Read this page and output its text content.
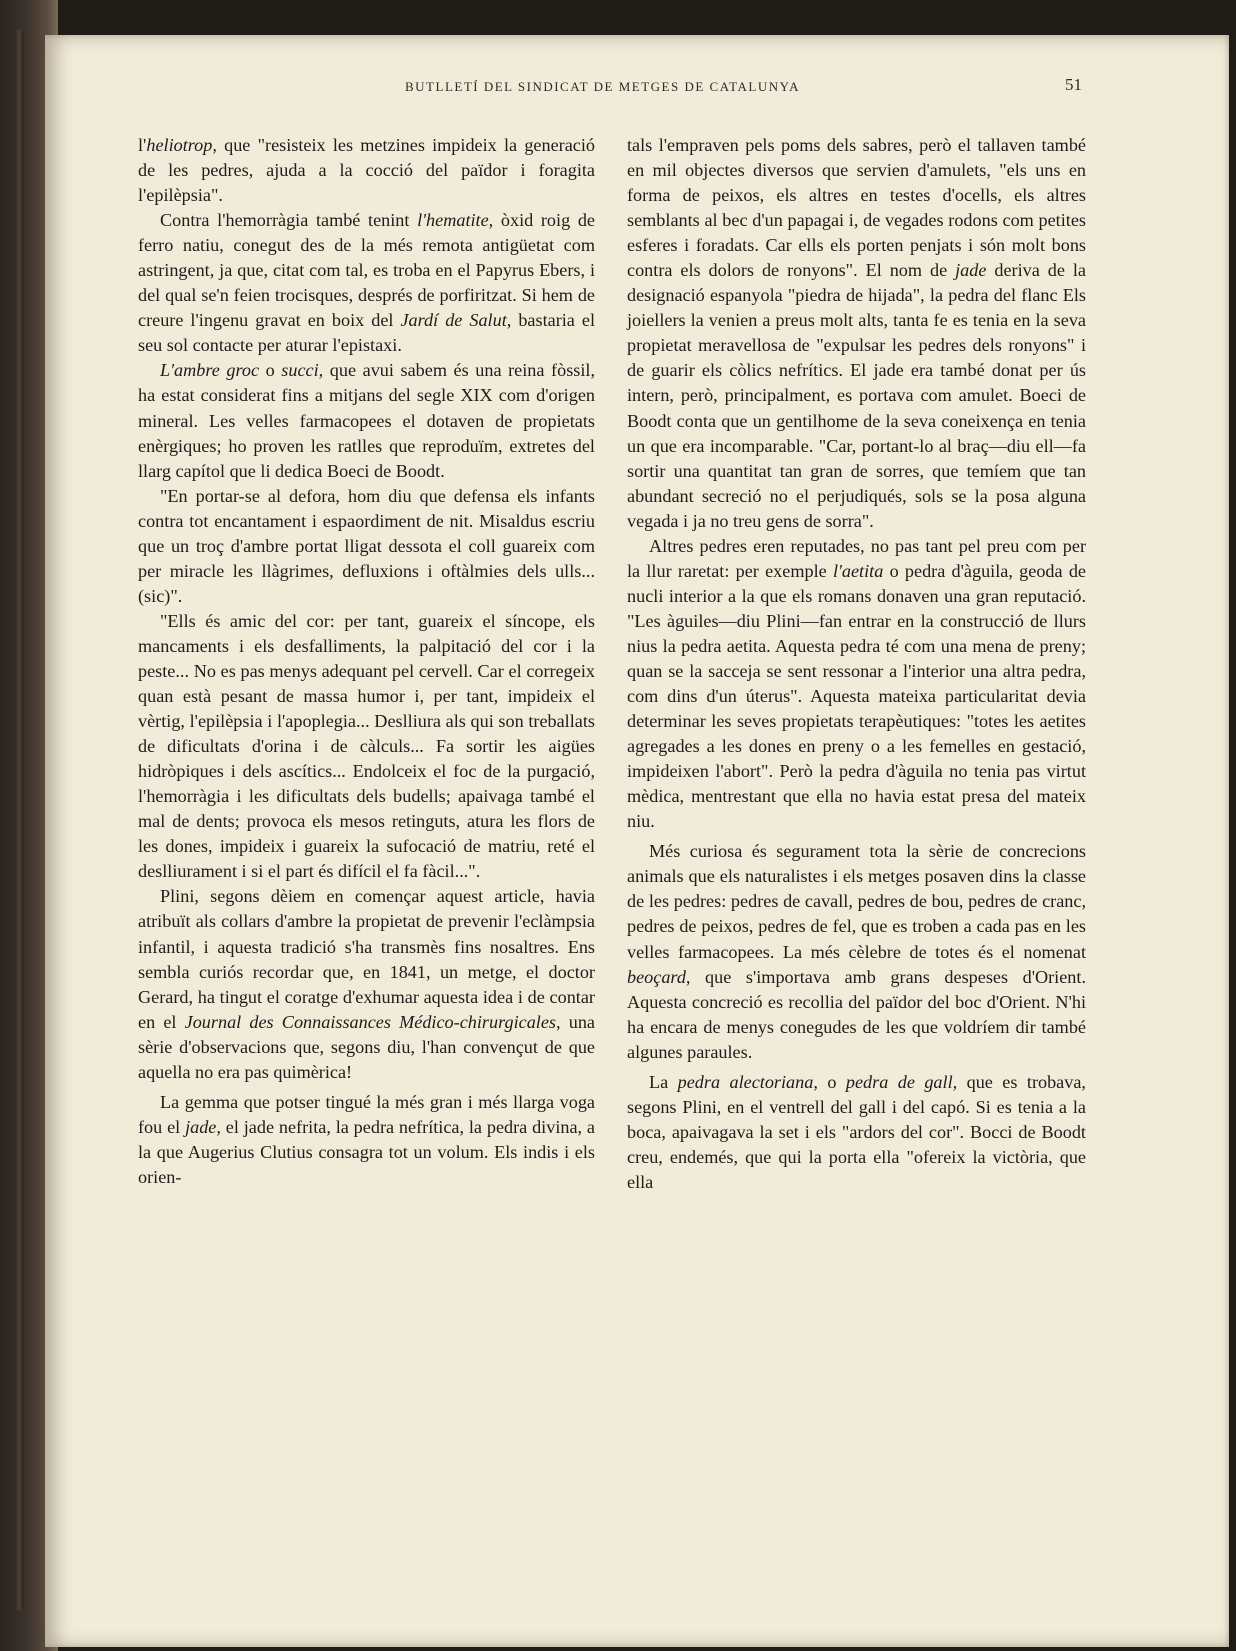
BUTLLETÍ DEL SINDICAT DE METGES DE CATALUNYA	51

l'heliotrop, que "resisteix les metzines impideix la generació de les pedres, ajuda a la cocció del païdor i foragita l'epilèpsia".

Contra l'hemorràgia també tenint l'hematite, òxid roig de ferro natiu, conegut des de la més remota antigüetat com astringent, ja que, citat com tal, es troba en el Papyrus Ebers, i del qual se'n feien trocisques, després de porfiritzat. Si hem de creure l'ingenu gravat en boix del Jardí de Salut, bastaria el seu sol contacte per aturar l'epistaxi.

L'ambre groc o succi, que avui sabem és una reina fòssil, ha estat considerat fins a mitjans del segle XIX com d'origen mineral. Les velles farmacopees el dotaven de propietats enèrgiques; ho proven les ratlles que reproduïm, extretes del llarg capítol que li dedica Boeci de Boodt.

"En portar-se al defora, hom diu que defensa els infants contra tot encantament i espaordiment de nit. Misaldus escriu que un troç d'ambre portat lligat dessota el coll guareix com per miracle les llàgrimes, defluxions i oftàlmies dels ulls... (sic)".

"Ells és amic del cor: per tant, guareix el síncope, els mancaments i els desfalliments, la palpitació del cor i la peste... No es pas menys adequant pel cervell. Car el corregeix quan està pesant de massa humor i, per tant, impideix el vèrtig, l'epilèpsia i l'apoplegia... Deslliura als qui son treballats de dificultats d'orina i de càlculs... Fa sortir les aigües hidròpiques i dels ascítics... Endolceix el foc de la purgació, l'hemorràgia i les dificultats dels budells; apaivaga també el mal de dents; provoca els mesos retinguts, atura les flors de les dones, impideix i guareix la sufocació de matriu, reté el deslliurament i si el part és difícil el fa fàcil...".

Plini, segons dèiem en començar aquest article, havia atribuït als collars d'ambre la propietat de prevenir l'eclàmpsia infantil, i aquesta tradició s'ha transmès fins nosaltres. Ens sembla curiós recordar que, en 1841, un metge, el doctor Gerard, ha tingut el coratge d'exhumar aquesta idea i de contar en el Journal des Connaissances Médico-chirurgicales, una sèrie d'observacions que, segons diu, l'han convençut de que aquella no era pas quimèrica!

La gemma que potser tingué la més gran i més llarga voga fou el jade, el jade nefrita, la pedra nefrítica, la pedra divina, a la que Augerius Clutius consagra tot un volum. Els indis i els orien-

tals l'empraven pels poms dels sabres, però el tallaven també en mil objectes diversos que servien d'amulets, "els uns en forma de peixos, els altres en testes d'ocells, els altres semblants al bec d'un papagai i, de vegades rodons com petites esferes i foradats. Car ells els porten penjats i són molt bons contra els dolors de ronyons". El nom de jade deriva de la designació espanyola "piedra de hijada", la pedra del flanc Els joiellers la venien a preus molt alts, tanta fe es tenia en la seva propietat meravellosa de "expulsar les pedres dels ronyons" i de guarir els còlics nefrítics. El jade era també donat per ús intern, però, principalment, es portava com amulet. Boeci de Boodt conta que un gentilhome de la seva coneixença en tenia un que era incomparable. "Car, portant-lo al braç—diu ell—fa sortir una quantitat tan gran de sorres, que temíem que tan abundant secreció no el perjudiqués, sols se la posa alguna vegada i ja no treu gens de sorra".

Altres pedres eren reputades, no pas tant pel preu com per la llur raretat: per exemple l'aetita o pedra d'àguila, geoda de nucli interior a la que els romans donaven una gran reputació. "Les àguiles—diu Plini—fan entrar en la construcció de llurs nius la pedra aetita. Aquesta pedra té com una mena de preny; quan se la sacceja se sent ressonar a l'interior una altra pedra, com dins d'un úterus". Aquesta mateixa particularitat devia determinar les seves propietats terapèutiques: "totes les aetites agregades a les dones en preny o a les femelles en gestació, impideixen l'abort". Però la pedra d'àguila no tenia pas virtut mèdica, mentrestant que ella no havia estat presa del mateix niu.

Més curiosa és segurament tota la sèrie de concrecions animals que els naturalistes i els metges posaven dins la classe de les pedres: pedres de cavall, pedres de bou, pedres de cranc, pedres de peixos, pedres de fel, que es troben a cada pas en les velles farmacopees. La més cèlebre de totes és el nomenat beoçard, que s'importava amb grans despeses d'Orient. Aquesta concreció es recollia del païdor del boc d'Orient. N'hi ha encara de menys conegudes de les que voldríem dir també algunes paraules.

La pedra alectoriana, o pedra de gall, que es trobava, segons Plini, en el ventrell del gall i del capó. Si es tenia a la boca, apaivagava la set i els "ardors del cor". Bocci de Boodt creu, endemés, que qui la porta ella "ofereix la victòria, que ella
